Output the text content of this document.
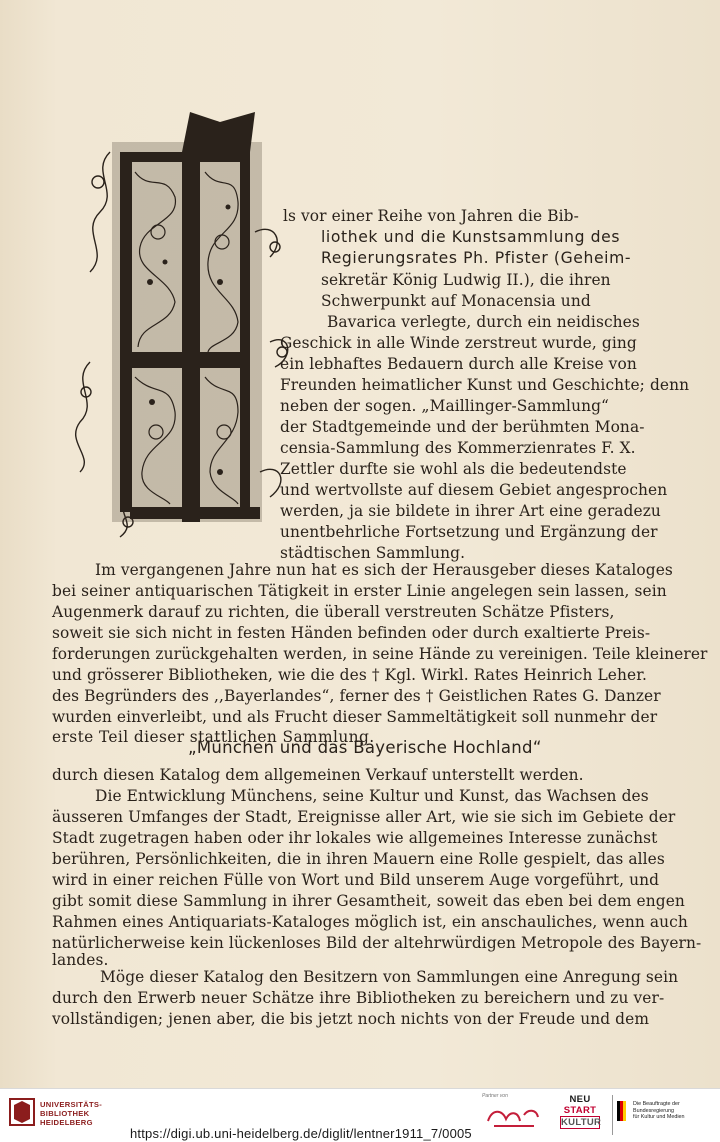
ls vor einer Reihe von Jahren die Bib-
liothek und die Kunstsammlung des
Regierungsrates Ph. Pfister (Geheim-
sekretär König Ludwig II.), die ihren
Schwerpunkt auf Monacensia und
Bavarica verlegte, durch ein neidisches
Geschick in alle Winde zerstreut wurde, ging
ein lebhaftes Bedauern durch alle Kreise von
Freunden heimatlicher Kunst und Geschichte; denn
neben der sogen. „Maillinger-Sammlung“
der Stadtgemeinde und der berühmten Mona-
censia-Sammlung des Kommerzienrates F. X.
Zettler durfte sie wohl als die bedeutendste
und wertvollste auf diesem Gebiet angesprochen
werden, ja sie bildete in ihrer Art eine geradezu
unentbehrliche Fortsetzung und Ergänzung der
städtischen Sammlung.
Im vergangenen Jahre nun hat es sich der Herausgeber dieses Kataloges
bei seiner antiquarischen Tätigkeit in erster Linie angelegen sein lassen, sein
Augenmerk darauf zu richten, die überall verstreuten Schätze Pfisters,
soweit sie sich nicht in festen Händen befinden oder durch exaltierte Preis-
forderungen zurückgehalten werden, in seine Hände zu vereinigen. Teile kleinerer
und grösserer Bibliotheken, wie die des † Kgl. Wirkl. Rates Heinrich Leher.
des Begründers des ,,Bayerlandes“, ferner des † Geistlichen Rates G. Danzer
wurden einverleibt, und als Frucht dieser Sammeltätigkeit soll nunmehr der
erste Teil dieser stattlichen Sammlung.
„München und das Bayerische Hochland“
durch diesen Katalog dem allgemeinen Verkauf unterstellt werden.
Die Entwicklung Münchens, seine Kultur und Kunst, das Wachsen des
äusseren Umfanges der Stadt, Ereignisse aller Art, wie sie sich im Gebiete der
Stadt zugetragen haben oder ihr lokales wie allgemeines Interesse zunächst
berühren, Persönlichkeiten, die in ihren Mauern eine Rolle gespielt, das alles
wird in einer reichen Fülle von Wort und Bild unserem Auge vorgeführt, und
gibt somit diese Sammlung in ihrer Gesamtheit, soweit das eben bei dem engen
Rahmen eines Antiquariats-Kataloges möglich ist, ein anschauliches, wenn auch
natürlicherweise kein lückenloses Bild der altehrwürdigen Metropole des Bayern-
landes.
Möge dieser Katalog den Besitzern von Sammlungen eine Anregung sein
durch den Erwerb neuer Schätze ihre Bibliotheken zu bereichern und zu ver-
vollständigen; jenen aber, die bis jetzt noch nichts von der Freude und dem
UNIVERSITÄTS-
BIBLIOTHEK
HEIDELBERG
Partner von	NEU
START
KULTUR
Die Beauftragte der Bundesregierung
für Kultur und Medien
https://digi.ub.uni-heidelberg.de/diglit/lentner1911_7/0005
